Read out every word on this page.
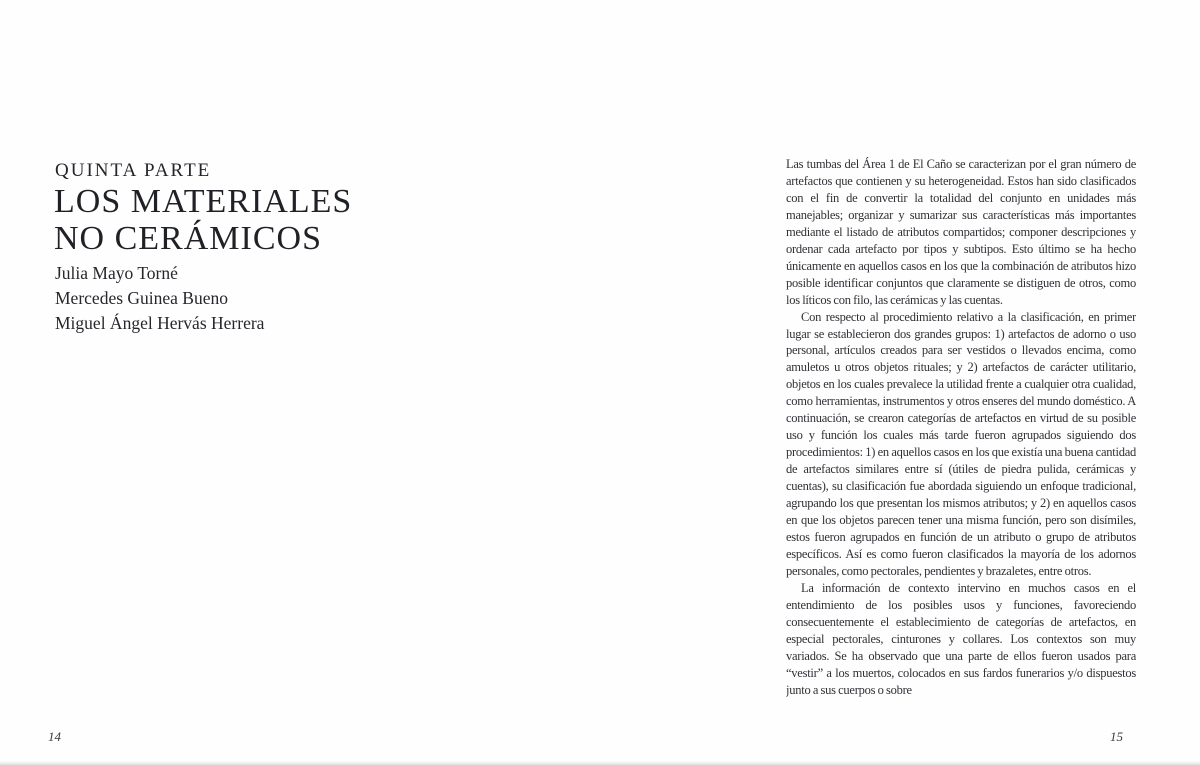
QUINTA PARTE
LOS MATERIALES
NO CERÁMICOS
Julia Mayo Torné
Mercedes Guinea Bueno
Miguel Ángel Hervás Herrera
14

Las tumbas del Área 1 de El Caño se caracterizan por el gran número de artefactos que contienen y su heterogeneidad. Estos han sido clasificados con el fin de convertir la totalidad del conjunto en unidades más manejables; organizar y sumarizar sus características más importantes mediante el listado de atributos compartidos; componer descripciones y ordenar cada artefacto por tipos y subtipos. Esto último se ha hecho únicamente en aquellos casos en los que la combinación de atributos hizo posible identificar conjuntos que claramente se distiguen de otros, como los líticos con filo, las cerámicas y las cuentas.

Con respecto al procedimiento relativo a la clasificación, en primer lugar se establecieron dos grandes grupos: 1) artefactos de adorno o uso personal, artículos creados para ser vestidos o llevados encima, como amuletos u otros objetos rituales; y 2) artefactos de carácter utilitario, objetos en los cuales prevalece la utilidad frente a cualquier otra cualidad, como herramientas, instrumentos y otros enseres del mundo doméstico. A continuación, se crearon categorías de artefactos en virtud de su posible uso y función los cuales más tarde fueron agrupados siguiendo dos procedimientos: 1) en aquellos casos en los que existía una buena cantidad de artefactos similares entre sí (útiles de piedra pulida, cerámicas y cuentas), su clasificación fue abordada siguiendo un enfoque tradicional, agrupando los que presentan los mismos atributos; y 2) en aquellos casos en que los objetos parecen tener una misma función, pero son disímiles, estos fueron agrupados en función de un atributo o grupo de atributos específicos. Así es como fueron clasificados la mayoría de los adornos personales, como pectorales, pendientes y brazaletes, entre otros.

La información de contexto intervino en muchos casos en el entendimiento de los posibles usos y funciones, favoreciendo consecuentemente el establecimiento de categorías de artefactos, en especial pectorales, cinturones y collares. Los contextos son muy variados. Se ha observado que una parte de ellos fueron usados para “vestir” a los muertos, colocados en sus fardos funerarios y/o dispuestos junto a sus cuerpos o sobre

15
